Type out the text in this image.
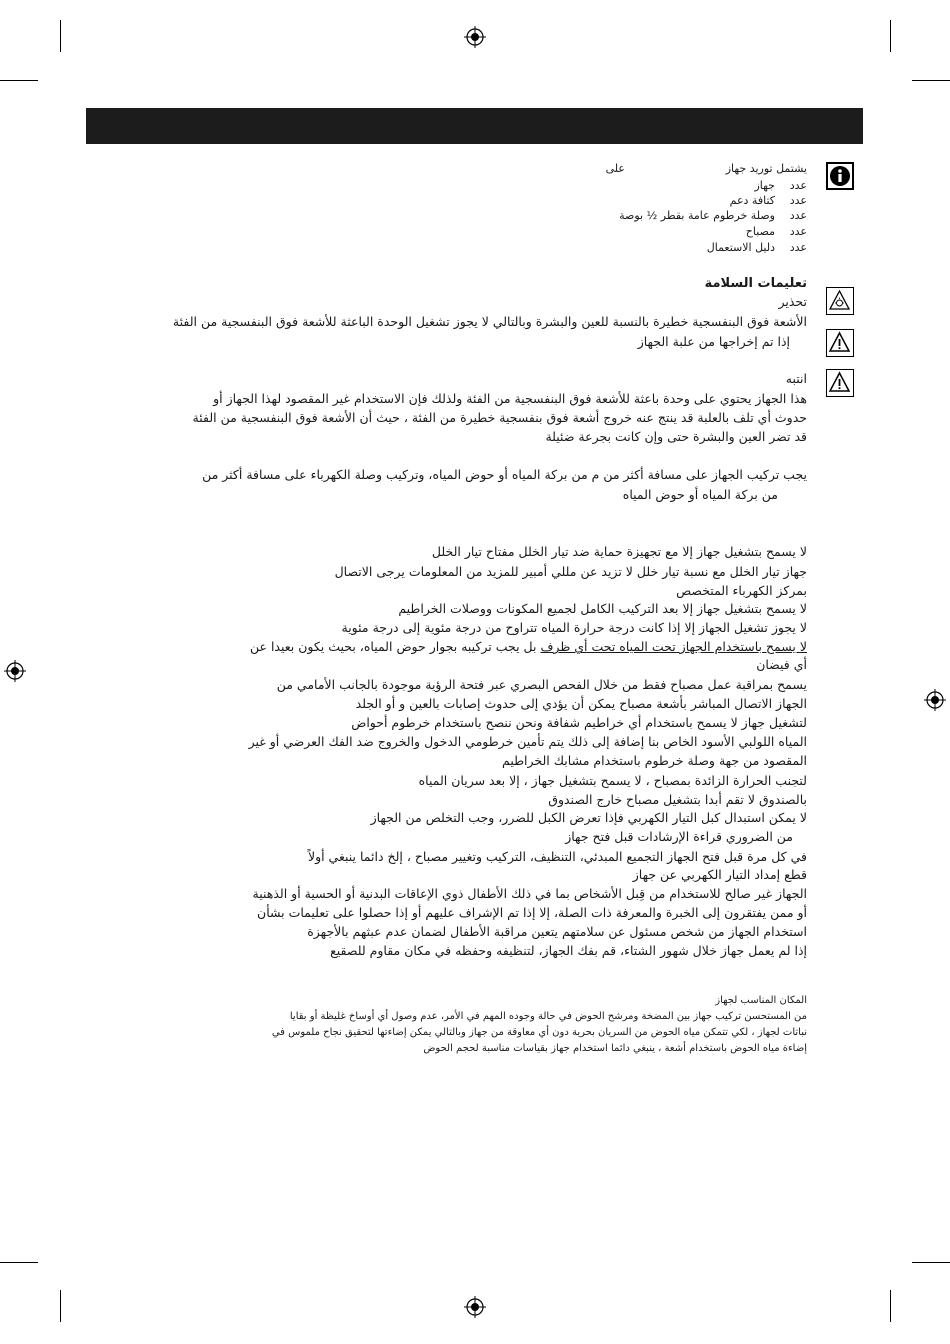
يشتمل توريد جهاز
على
عدد
جهاز
عدد
كتافة دعم
عدد
وصلة خرطوم عامة بقطر ½ بوصة
عدد
مصباح
عدد
دليل الاستعمال
تعليمات السلامة
تحذير
الأشعة فوق البنفسجية خطيرة بالنسبة للعين والبشرة وبالتالي لا يجوز تشغيل الوحدة الباعثة للأشعة فوق البنفسجية من الفئة
إذا تم إخراجها من علبة الجهاز
انتبه
هذا الجهاز يحتوي على وحدة باعثة للأشعة فوق البنفسجية من الفئة ولذلك فإن الاستخدام غير المقصود لهذا الجهاز أو
حدوث أي تلف بالعلبة قد ينتج عنه خروج أشعة فوق بنفسجية خطيرة من الفئة ، حيث أن الأشعة فوق البنفسجية من الفئة
قد تضر العين والبشرة حتى وإن كانت بجرعة ضئيلة
يجب تركيب الجهاز على مسافة أكثر من م من بركة المياه أو حوض المياه، وتركيب وصلة الكهرباء على مسافة أكثر من
من بركة المياه أو حوض المياه
لا يسمح بتشغيل جهاز إلا مع تجهيزة حماية ضد تيار الخلل مفتاح تيار الخلل
جهاز تيار الخلل مع نسبة تيار خلل لا تزيد عن مللي أمبير للمزيد من المعلومات يرجى الاتصال
بمركز الكهرباء المتخصص
لا يسمح بتشغيل جهاز إلا بعد التركيب الكامل لجميع المكونات ووصلات الخراطيم
لا يجوز تشغيل الجهاز إلا إذا كانت درجة حرارة المياه تتراوح من درجة مئوية إلى درجة مئوية
لا يسمح باستخدام الجهاز تحت المياه تحت أي ظرف بل يجب تركيبه بجوار حوض المياه، بحيث يكون بعيدا عن
أي فيضان
يسمح بمراقبة عمل مصباح فقط من خلال الفحص البصري عبر فتحة الرؤية موجودة بالجانب الأمامي من
الجهاز الاتصال المباشر بأشعة مصباح يمكن أن يؤدي إلى حدوث إصابات بالعين و أو الجلد
لتشغيل جهاز لا يسمح باستخدام أي خراطيم شفافة ونحن ننصح باستخدام خرطوم أحواض
المياه اللولبي الأسود الخاص بنا إضافة إلى ذلك يتم تأمين خرطومي الدخول والخروج ضد الفك العرضي أو غير
المقصود من جهة وصلة خرطوم باستخدام مشابك الخراطيم
لتجنب الحرارة الزائدة بمصباح ، لا يسمح بتشغيل جهاز ، إلا بعد سريان المياه
بالصندوق لا تقم أبدا بتشغيل مصباح خارج الصندوق
لا يمكن استبدال كبل التيار الكهربي فإذا تعرض الكبل للضرر، وجب التخلص من الجهاز
من الضروري قراءة الإرشادات قبل فتح جهاز
في كل مرة قبل فتح الجهاز التجميع المبدئي، التنظيف، التركيب وتغيير مصباح ، إلخ دائما ينبغي أولاً
قطع إمداد التيار الكهربي عن جهاز
الجهاز غير صالح للاستخدام من قِبل الأشخاص بما في ذلك الأطفال ذوي الإعاقات البدنية أو الحسية أو الذهنية
أو ممن يفتقرون إلى الخبرة والمعرفة ذات الصلة، إلا إذا تم الإشراف عليهم أو إذا حصلوا على تعليمات بشأن
استخدام الجهاز من شخص مسئول عن سلامتهم يتعين مراقبة الأطفال لضمان عدم عبثهم بالأجهزة
إذا لم يعمل جهاز خلال شهور الشتاء، قم بفك الجهاز، لتنظيفه وحفظه في مكان مقاوم للصقيع
المكان المناسب لجهاز
من المستحسن تركيب جهاز بين المضخة ومرشح الحوض في حالة وجوده المهم في الأمر، عدم وصول أي أوساخ غليظة أو بقايا
نباتات لجهاز ، لكي تتمكن مياه الحوض من السريان بحرية دون أي معاوقة من جهاز وبالتالي يمكن إضاءتها لتحقيق نجاح ملموس في
إضاءة مياه الحوض باستخدام أشعة ، ينبغي دائما استخدام جهاز بقياسات مناسبة لحجم الحوض
